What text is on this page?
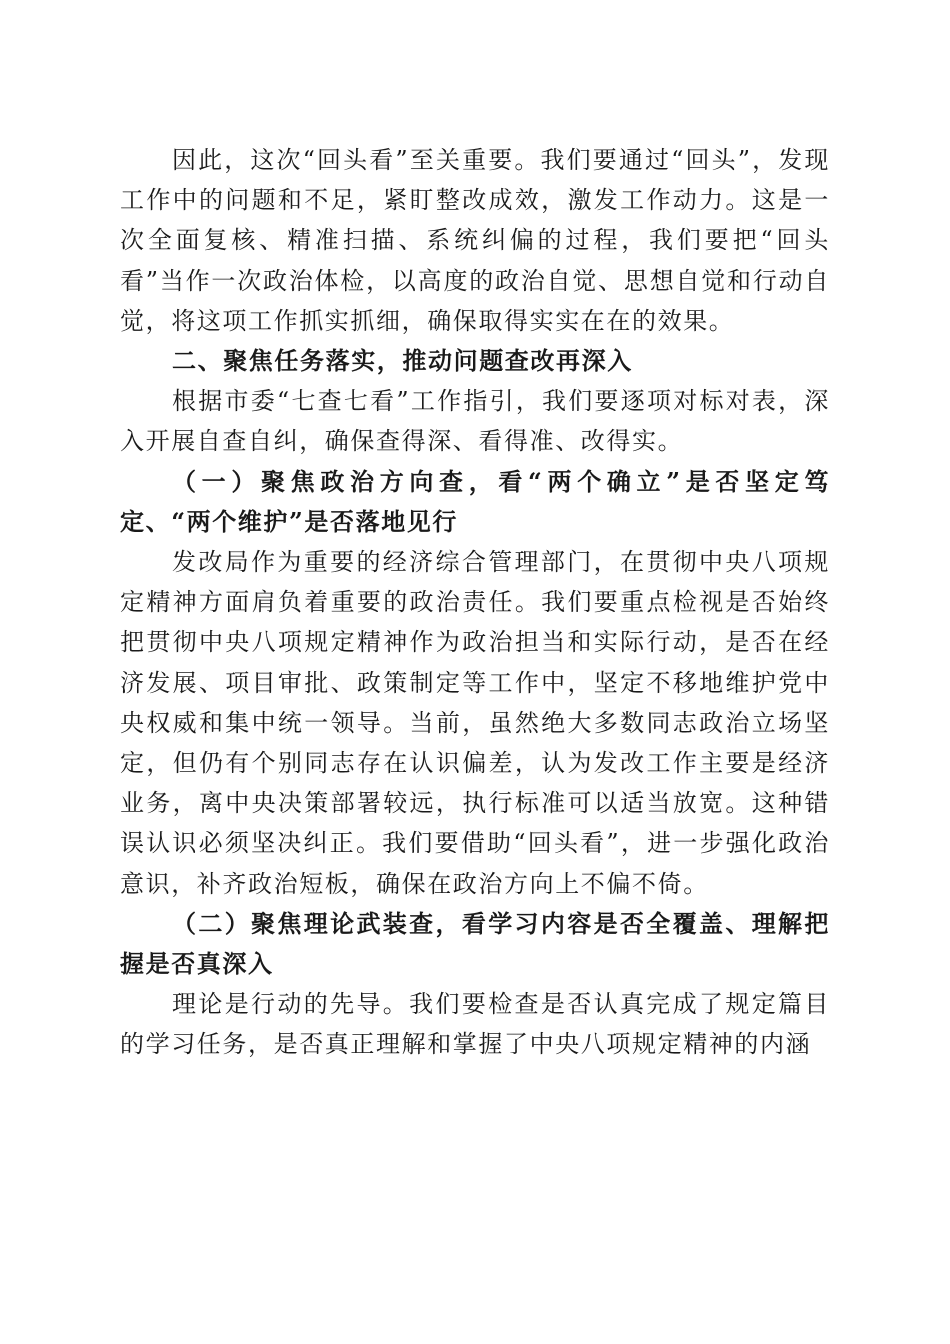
因此，这次“回头看”至关重要。我们要通过“回头”，发现工作中的问题和不足，紧盯整改成效，激发工作动力。这是一次全面复核、精准扫描、系统纠偏的过程，我们要把“回头看”当作一次政治体检，以高度的政治自觉、思想自觉和行动自觉，将这项工作抓实抓细，确保取得实实在在的效果。

二、聚焦任务落实，推动问题查改再深入

根据市委“七查七看”工作指引，我们要逐项对标对表，深入开展自查自纠，确保查得深、看得准、改得实。

（一）聚焦政治方向查，看“两个确立”是否坚定笃定、“两个维护”是否落地见行

发改局作为重要的经济综合管理部门，在贯彻中央八项规定精神方面肩负着重要的政治责任。我们要重点检视是否始终把贯彻中央八项规定精神作为政治担当和实际行动，是否在经济发展、项目审批、政策制定等工作中，坚定不移地维护党中央权威和集中统一领导。当前，虽然绝大多数同志政治立场坚定，但仍有个别同志存在认识偏差，认为发改工作主要是经济业务，离中央决策部署较远，执行标准可以适当放宽。这种错误认识必须坚决纠正。我们要借助“回头看”，进一步强化政治意识，补齐政治短板，确保在政治方向上不偏不倚。

（二）聚焦理论武装查，看学习内容是否全覆盖、理解把握是否真深入

理论是行动的先导。我们要检查是否认真完成了规定篇目的学习任务，是否真正理解和掌握了中央八项规定精神的内涵
